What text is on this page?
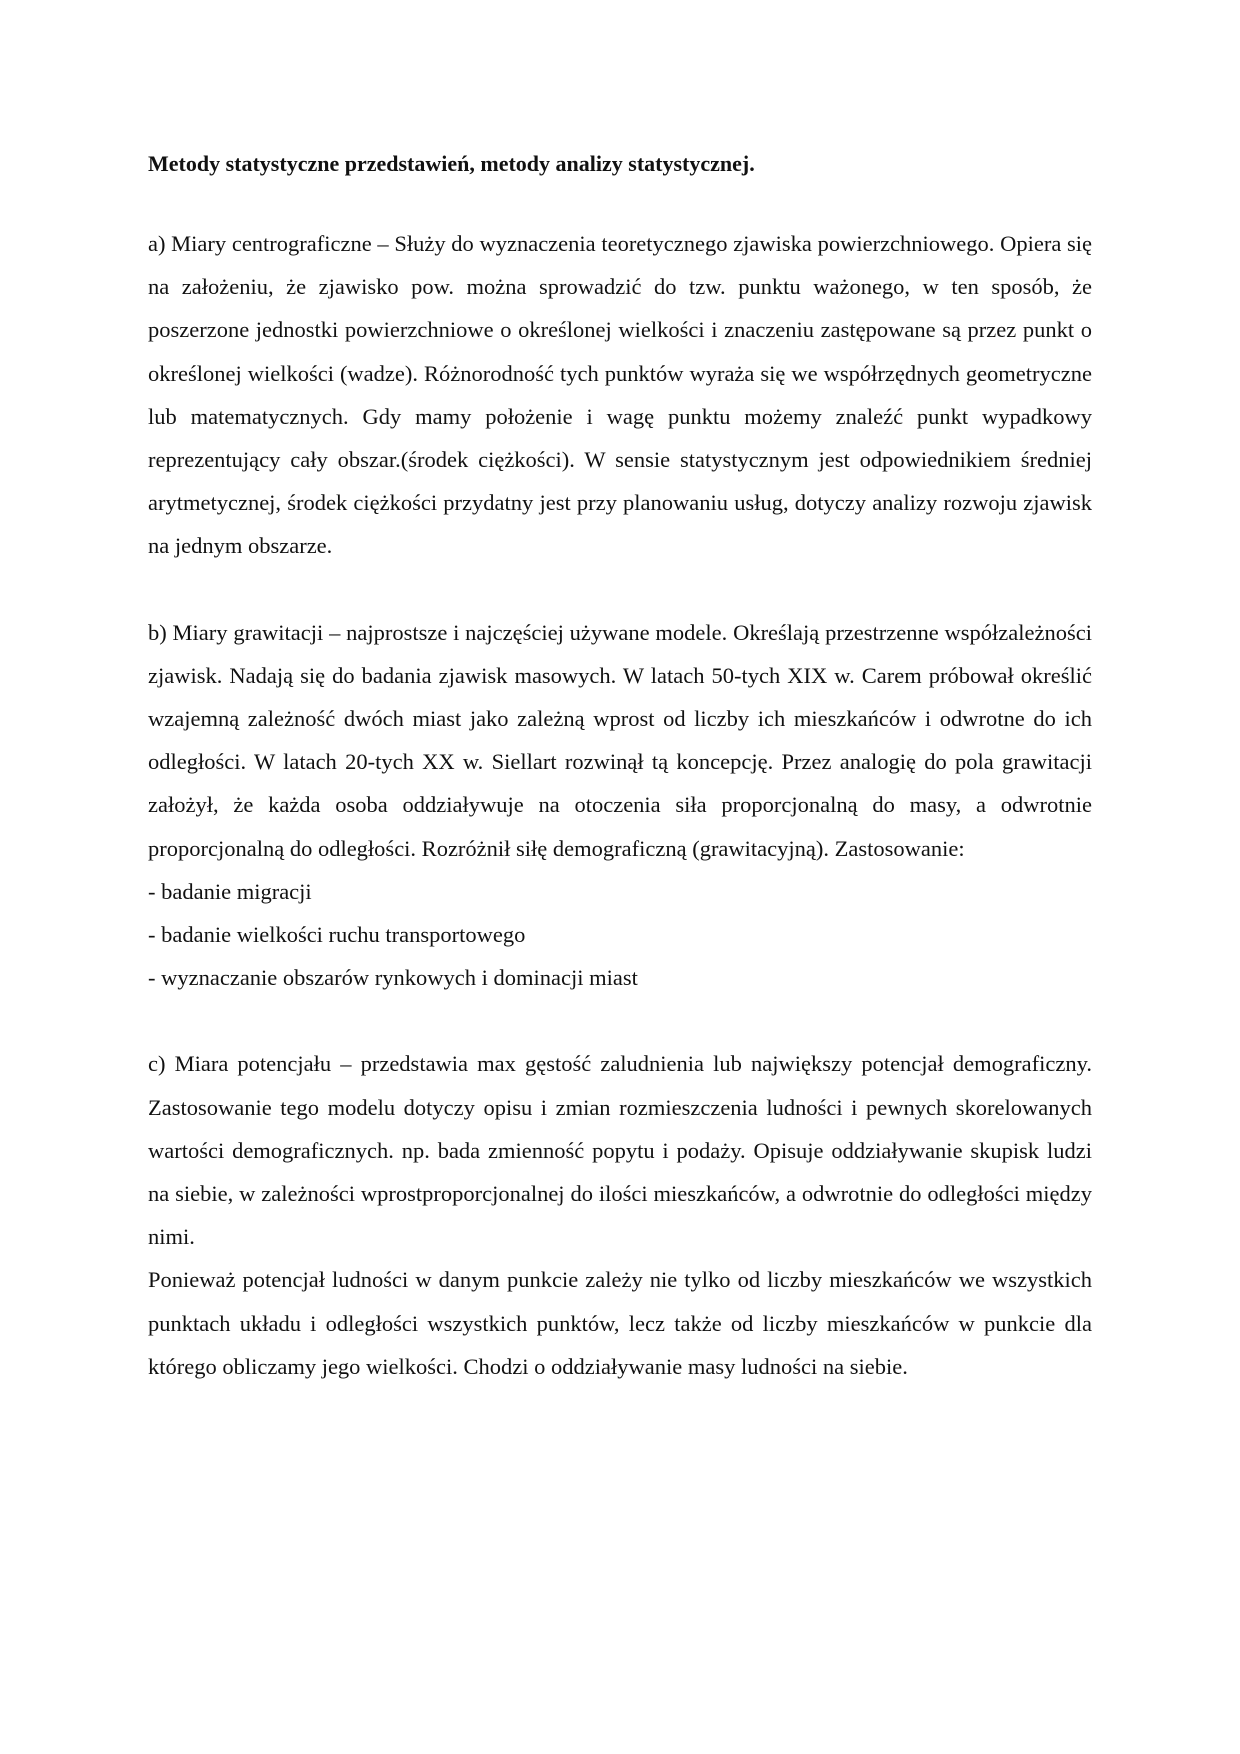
Metody statystyczne przedstawień, metody analizy statystycznej.

a) Miary centrograficzne – Służy do wyznaczenia teoretycznego zjawiska powierzchniowego. Opiera się na założeniu, że zjawisko pow. można sprowadzić do tzw. punktu ważonego, w ten sposób, że poszerzone jednostki powierzchniowe o określonej wielkości i znaczeniu zastępowane są przez punkt o określonej wielkości (wadze). Różnorodność tych punktów wyraża się we współrzędnych geometryczne lub matematycznych. Gdy mamy położenie i wagę punktu możemy znaleźć punkt wypadkowy reprezentujący cały obszar.(środek ciężkości). W sensie statystycznym jest odpowiednikiem średniej arytmetycznej, środek ciężkości przydatny jest przy planowaniu usług, dotyczy analizy rozwoju zjawisk na jednym obszarze.

b) Miary grawitacji – najprostsze i najczęściej używane modele. Określają przestrzenne współzależności zjawisk. Nadają się do badania zjawisk masowych. W latach 50-tych XIX w. Carem próbował określić wzajemną zależność dwóch miast jako zależną wprost od liczby ich mieszkańców i odwrotne do ich odległości. W latach 20-tych XX w. Siellart rozwinął tą koncepcję. Przez analogię do pola grawitacji założył, że każda osoba oddziaływuje na otoczenia siła proporcjonalną do masy, a odwrotnie proporcjonalną do odległości. Rozróżnił siłę demograficzną (grawitacyjną). Zastosowanie:

- badanie migracji

- badanie wielkości ruchu transportowego

- wyznaczanie obszarów rynkowych i dominacji miast

c) Miara potencjału – przedstawia max gęstość zaludnienia lub największy potencjał demograficzny. Zastosowanie tego modelu dotyczy opisu i zmian rozmieszczenia ludności i pewnych skorelowanych wartości demograficznych. np. bada zmienność popytu i podaży. Opisuje oddziaływanie skupisk ludzi na siebie, w zależności wprostproporcjonalnej do ilości mieszkańców, a odwrotnie do odległości między nimi.

Ponieważ potencjał ludności w danym punkcie zależy nie tylko od liczby mieszkańców we wszystkich punktach układu i odległości wszystkich punktów, lecz także od liczby mieszkańców w punkcie dla którego obliczamy jego wielkości. Chodzi o oddziaływanie masy ludności na siebie.
